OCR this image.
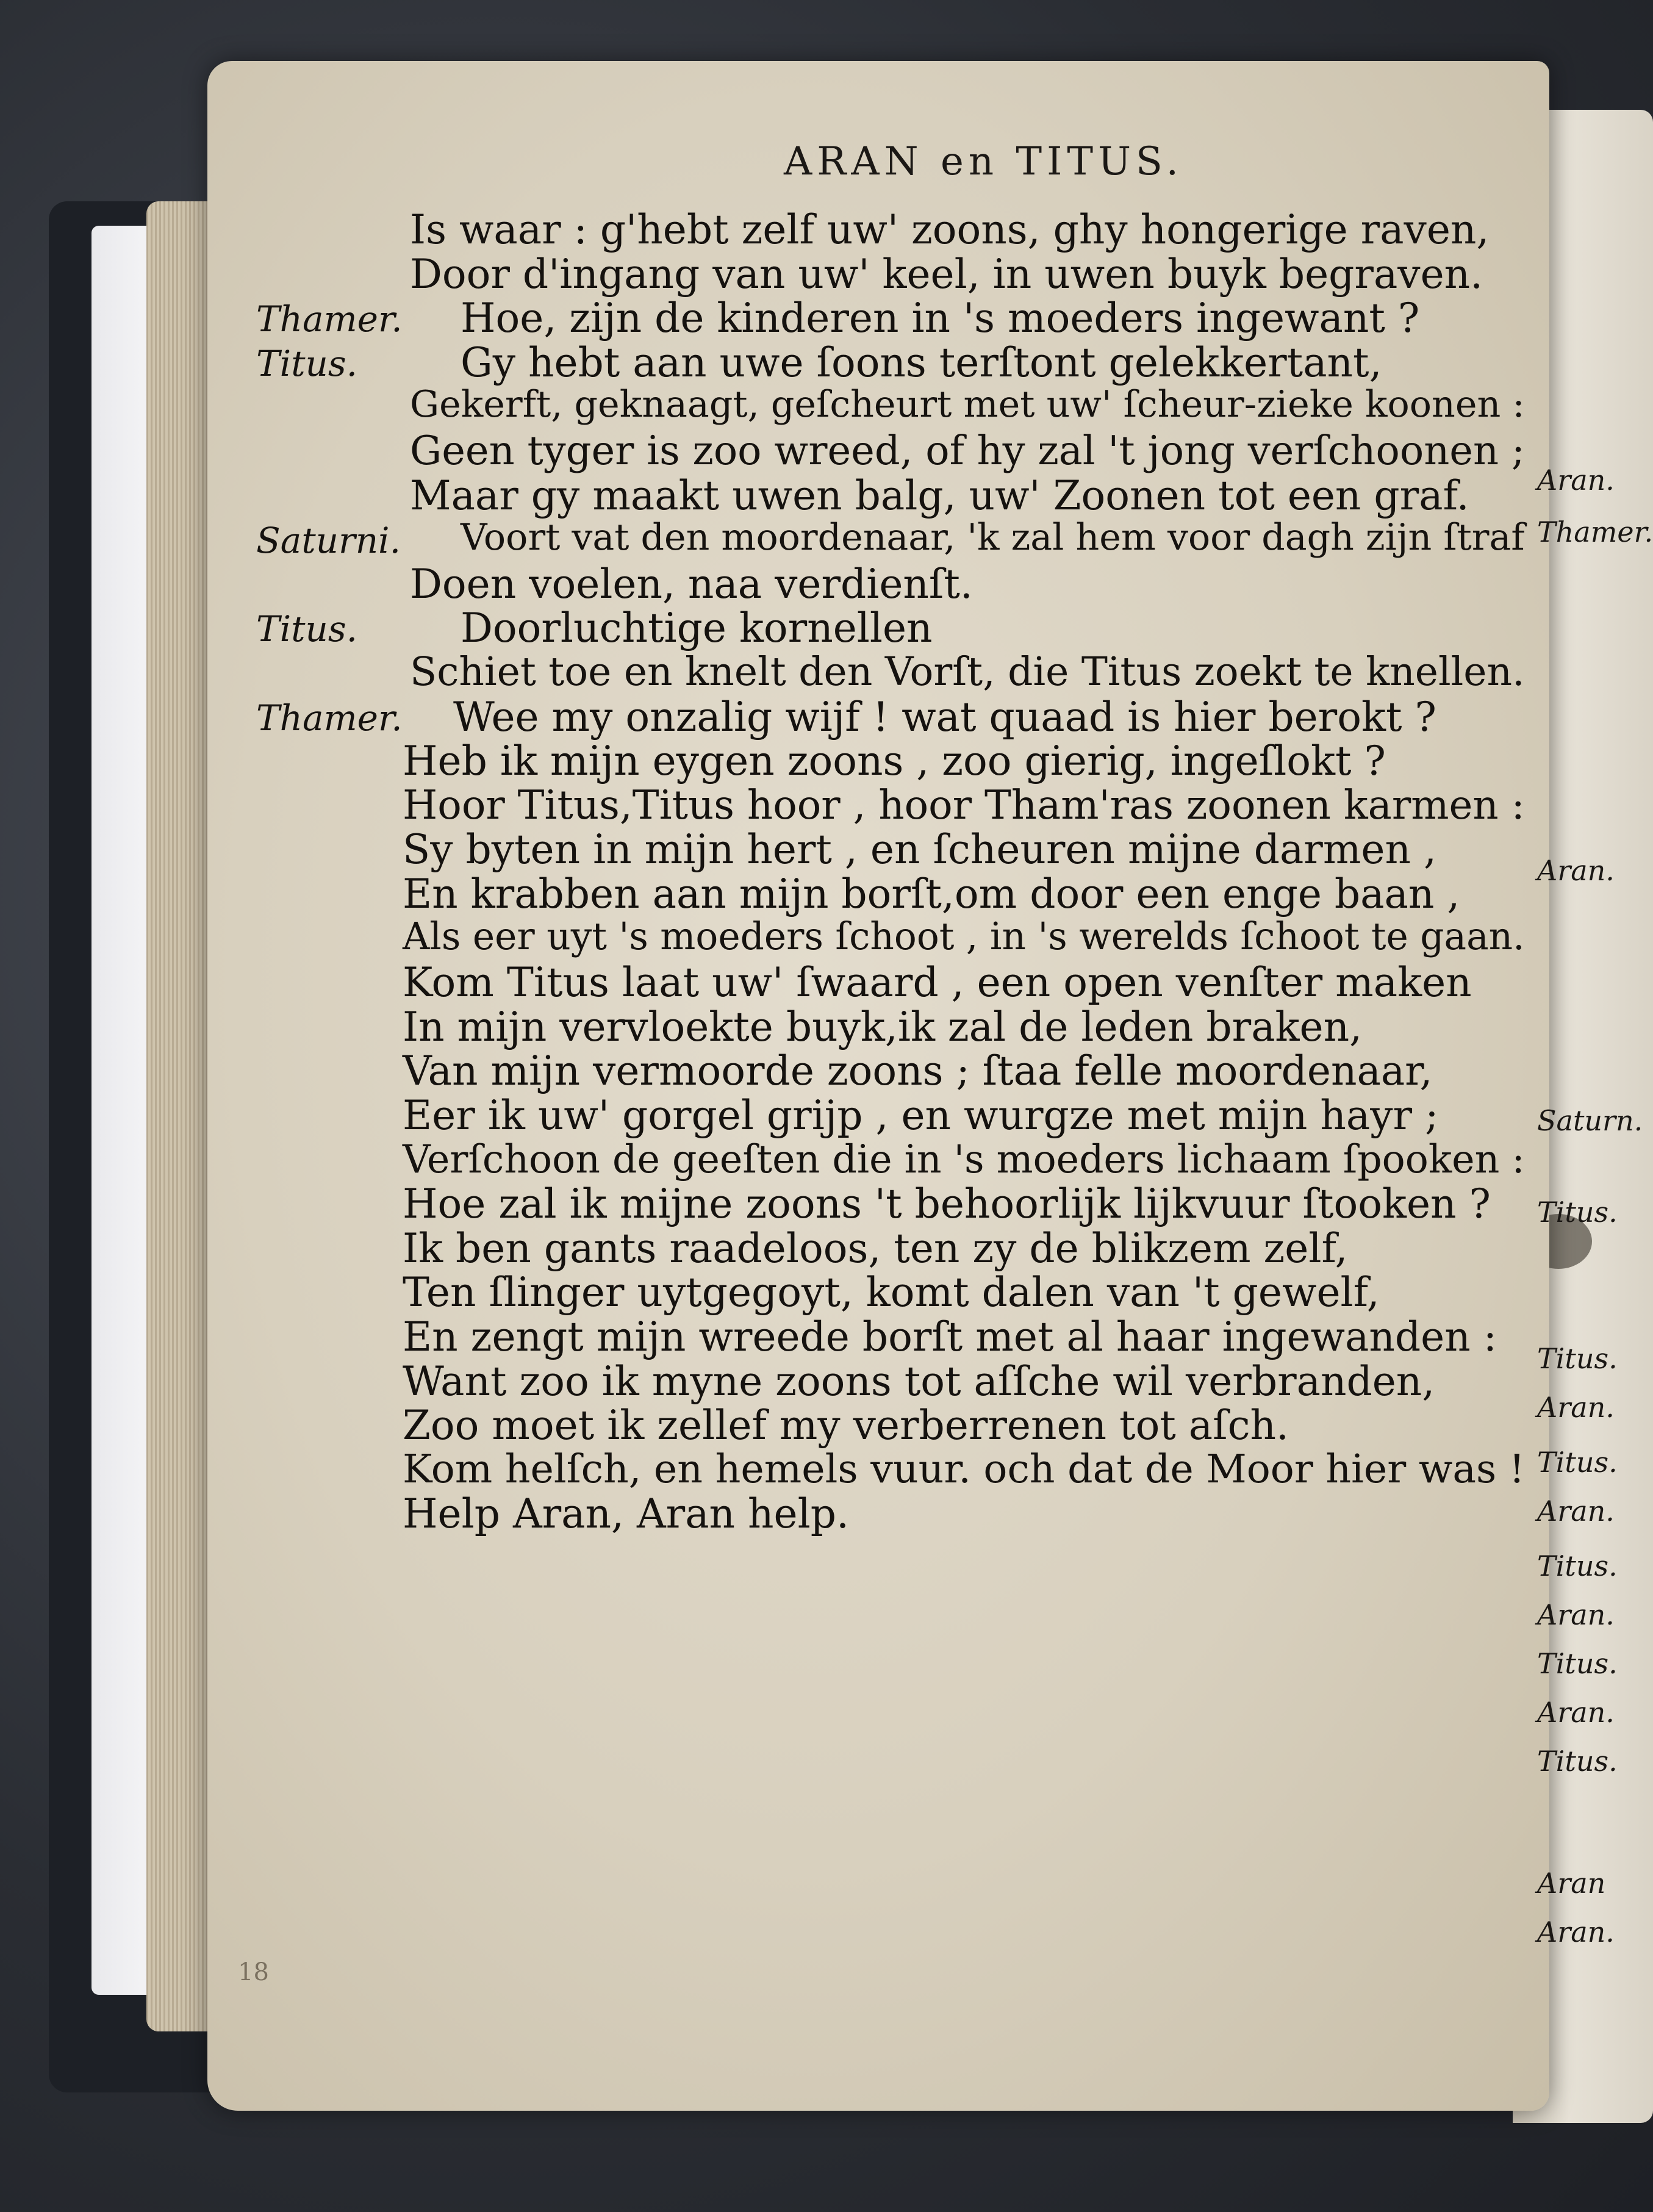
ARAN en TITUS.
Is waar : g'hebt zelf uw' zoons, ghy hongerige raven,
Door d'ingang van uw' keel, in uwen buyk begraven.
Thamer. Hoe, zijn de kinderen in 's moeders ingewant ?
Titus.	Gy hebt aan uwe ſoons terſtont gelekkertant,
Gekerft, geknaagt, geſcheurt met uw' ſcheur-zieke koonen :
Geen tyger is zoo wreed, of hy zal 't jong verſchoonen ;
Maar gy maakt uwen balg, uw' Zoonen tot een graf.
Saturni. Voort vat den moordenaar, 'k zal hem voor dagh zijn ſtraf
Doen voelen, naa verdienſt.
Titus.	Doorluchtige kornellen
Schiet toe en knelt den Vorſt, die Titus zoekt te knellen.
Thamer. Wee my onzalig wijf ! wat quaad is hier berokt ?
Heb ik mijn eygen zoons , zoo gierig, ingeſlokt ?
Hoor Titus,Titus hoor , hoor Tham'ras zoonen karmen :
Sy byten in mijn hert , en ſcheuren mijne darmen ,
En krabben aan mijn borſt,om door een enge baan ,
Als eer uyt 's moeders ſchoot , in 's werelds ſchoot te gaan.
Kom Titus laat uw' ſwaard , een open venſter maken
In mijn vervloekte buyk,ik zal de leden braken,
Van mijn vermoorde zoons ; ſtaa felle moordenaar,
Eer ik uw' gorgel grijp , en wurgze met mijn hayr ;
Verſchoon de geeſten die in 's moeders lichaam ſpooken :
Hoe zal ik mijne zoons 't behoorlijk lijkvuur ſtooken ?
Ik ben gants raadeloos, ten zy de blikzem zelf,
Ten ſlinger uytgegoyt, komt dalen van 't gewelf,
En zengt mijn wreede borſt met al haar ingewanden :
Want zoo ik myne zoons tot aſſche wil verbranden,
Zoo moet ik zellef my verberrenen tot aſch.
Kom helſch, en hemels vuur. och dat de Moor hier was !
Help Aran, Aran help.
18
Aran.
Thamer.
Aran.
Saturn.
Titus.
Titus.
Aran.
Titus.
Aran.
Titus.
Aran.
Titus.
Aran.
Titus.
Aran
Aran.
